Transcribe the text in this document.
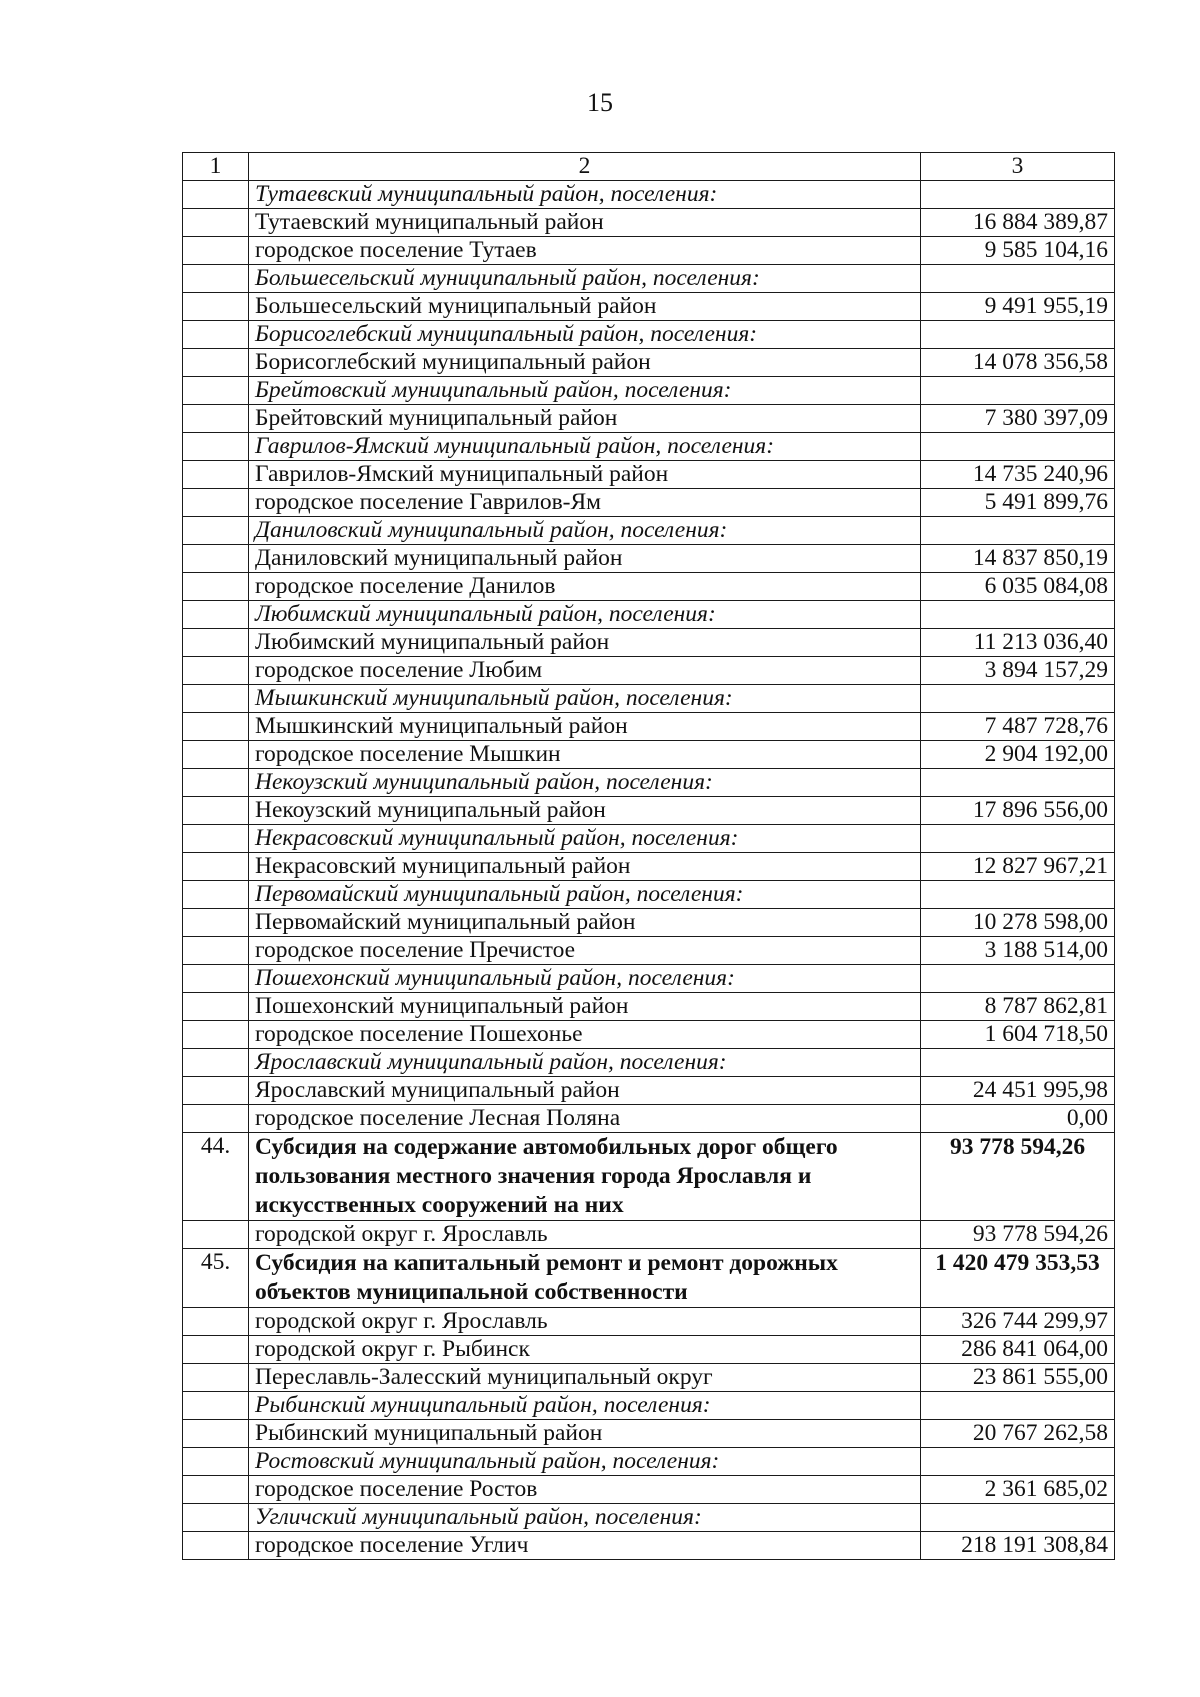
15
1	2	3
	Тутаевский муниципальный район, поселения:	
	Тутаевский муниципальный район	16 884 389,87
	городское поселение Тутаев	9 585 104,16
	Большесельский муниципальный район, поселения:	
	Большесельский муниципальный район	9 491 955,19
	Борисоглебский муниципальный район, поселения:	
	Борисоглебский муниципальный район	14 078 356,58
	Брейтовский муниципальный район, поселения:	
	Брейтовский муниципальный район	7 380 397,09
	Гаврилов-Ямский муниципальный район, поселения:	
	Гаврилов-Ямский муниципальный район	14 735 240,96
	городское поселение Гаврилов-Ям	5 491 899,76
	Даниловский муниципальный район, поселения:	
	Даниловский муниципальный район	14 837 850,19
	городское поселение Данилов	6 035 084,08
	Любимский муниципальный район, поселения:	
	Любимский муниципальный район	11 213 036,40
	городское поселение Любим	3 894 157,29
	Мышкинский муниципальный район, поселения:	
	Мышкинский муниципальный район	7 487 728,76
	городское поселение Мышкин	2 904 192,00
	Некоузский муниципальный район, поселения:	
	Некоузский муниципальный район	17 896 556,00
	Некрасовский муниципальный район, поселения:	
	Некрасовский муниципальный район	12 827 967,21
	Первомайский муниципальный район, поселения:	
	Первомайский муниципальный район	10 278 598,00
	городское поселение Пречистое	3 188 514,00
	Пошехонский муниципальный район, поселения:	
	Пошехонский муниципальный район	8 787 862,81
	городское поселение Пошехонье	1 604 718,50
	Ярославский муниципальный район, поселения:	
	Ярославский муниципальный район	24 451 995,98
	городское поселение Лесная Поляна	0,00
44.	Субсидия на содержание автомобильных дорог общего пользования местного значения города Ярославля и искусственных сооружений на них	93 778 594,26
	городской округ г. Ярославль	93 778 594,26
45.	Субсидия на капитальный ремонт и ремонт дорожных объектов муниципальной собственности	1 420 479 353,53
	городской округ г. Ярославль	326 744 299,97
	городской округ г. Рыбинск	286 841 064,00
	Переславль-Залесский муниципальный округ	23 861 555,00
	Рыбинский муниципальный район, поселения:	
	Рыбинский муниципальный район	20 767 262,58
	Ростовский муниципальный район, поселения:	
	городское поселение Ростов	2 361 685,02
	Угличский муниципальный район, поселения:	
	городское поселение Углич	218 191 308,84
